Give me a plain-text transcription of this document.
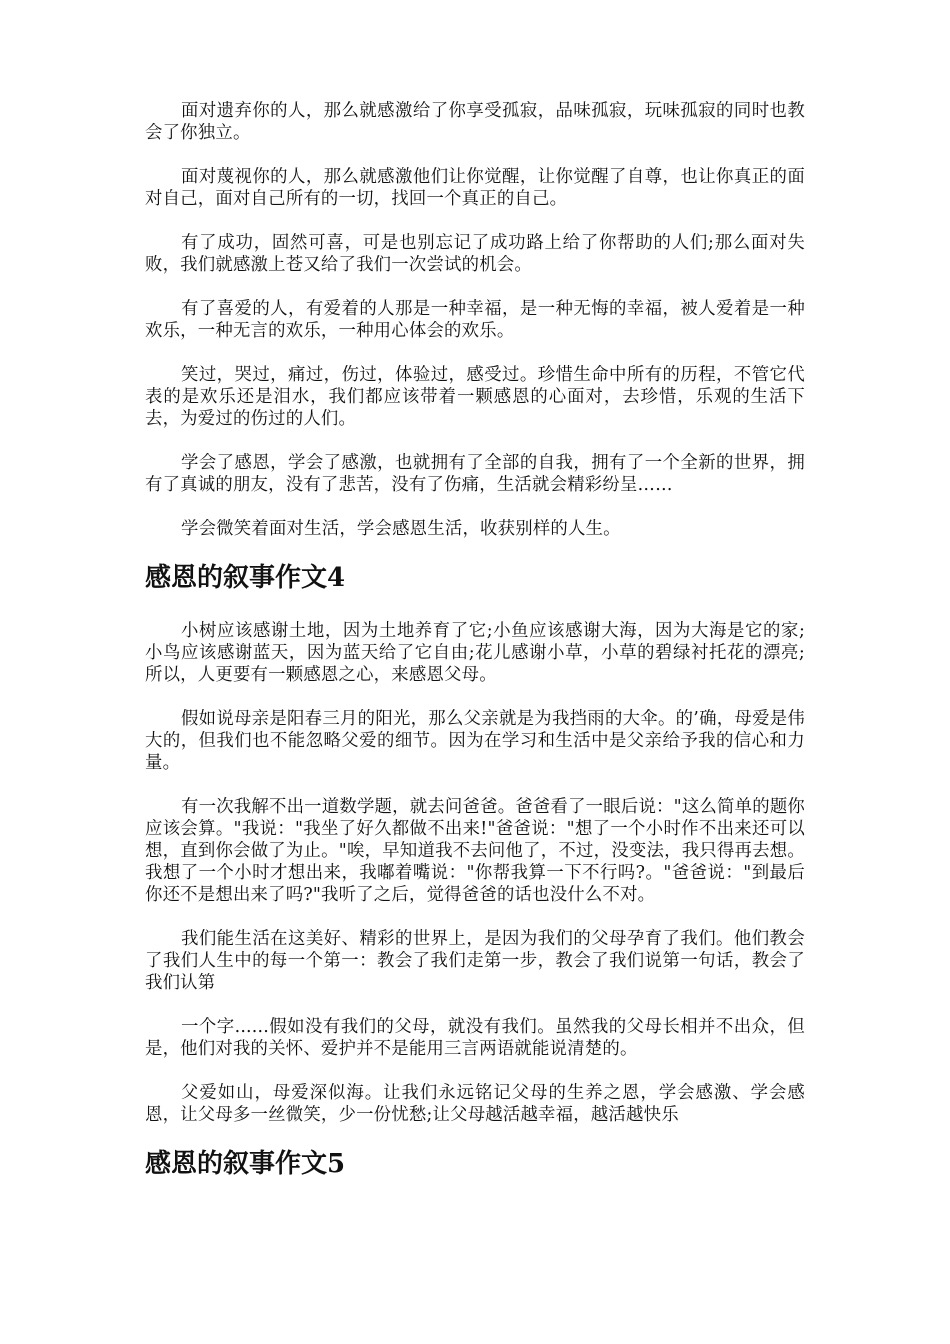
面对遗弃你的人，那么就感激给了你享受孤寂，品味孤寂，玩味孤寂的同时也教会了你独立。

面对蔑视你的人，那么就感激他们让你觉醒，让你觉醒了自尊，也让你真正的面对自己，面对自己所有的一切，找回一个真正的自己。

有了成功，固然可喜，可是也别忘记了成功路上给了你帮助的人们;那么面对失败，我们就感激上苍又给了我们一次尝试的机会。

有了喜爱的人，有爱着的人那是一种幸福，是一种无悔的幸福，被人爱着是一种欢乐，一种无言的欢乐，一种用心体会的欢乐。

笑过，哭过，痛过，伤过，体验过，感受过。珍惜生命中所有的历程，不管它代表的是欢乐还是泪水，我们都应该带着一颗感恩的心面对，去珍惜，乐观的生活下去，为爱过的伤过的人们。

学会了感恩，学会了感激，也就拥有了全部的自我，拥有了一个全新的世界，拥有了真诚的朋友，没有了悲苦，没有了伤痛，生活就会精彩纷呈……

学会微笑着面对生活，学会感恩生活，收获别样的人生。

感恩的叙事作文4

小树应该感谢土地，因为土地养育了它;小鱼应该感谢大海，因为大海是它的家;小鸟应该感谢蓝天，因为蓝天给了它自由;花儿感谢小草，小草的碧绿衬托花的漂亮;所以，人更要有一颗感恩之心，来感恩父母。

假如说母亲是阳春三月的阳光，那么父亲就是为我挡雨的大伞。的’确，母爱是伟大的，但我们也不能忽略父爱的细节。因为在学习和生活中是父亲给予我的信心和力量。

有一次我解不出一道数学题，就去问爸爸。爸爸看了一眼后说："这么简单的题你应该会算。"我说："我坐了好久都做不出来!"爸爸说："想了一个小时作不出来还可以想，直到你会做了为止。"唉，早知道我不去问他了，不过，没变法，我只得再去想。我想了一个小时才想出来，我嘟着嘴说："你帮我算一下不行吗?。"爸爸说："到最后你还不是想出来了吗?"我听了之后，觉得爸爸的话也没什么不对。

我们能生活在这美好、精彩的世界上，是因为我们的父母孕育了我们。他们教会了我们人生中的每一个第一：教会了我们走第一步，教会了我们说第一句话，教会了我们认第

一个字......假如没有我们的父母，就没有我们。虽然我的父母长相并不出众，但是，他们对我的关怀、爱护并不是能用三言两语就能说清楚的。

父爱如山，母爱深似海。让我们永远铭记父母的生养之恩，学会感激、学会感恩，让父母多一丝微笑，少一份忧愁;让父母越活越幸福，越活越快乐

感恩的叙事作文5
